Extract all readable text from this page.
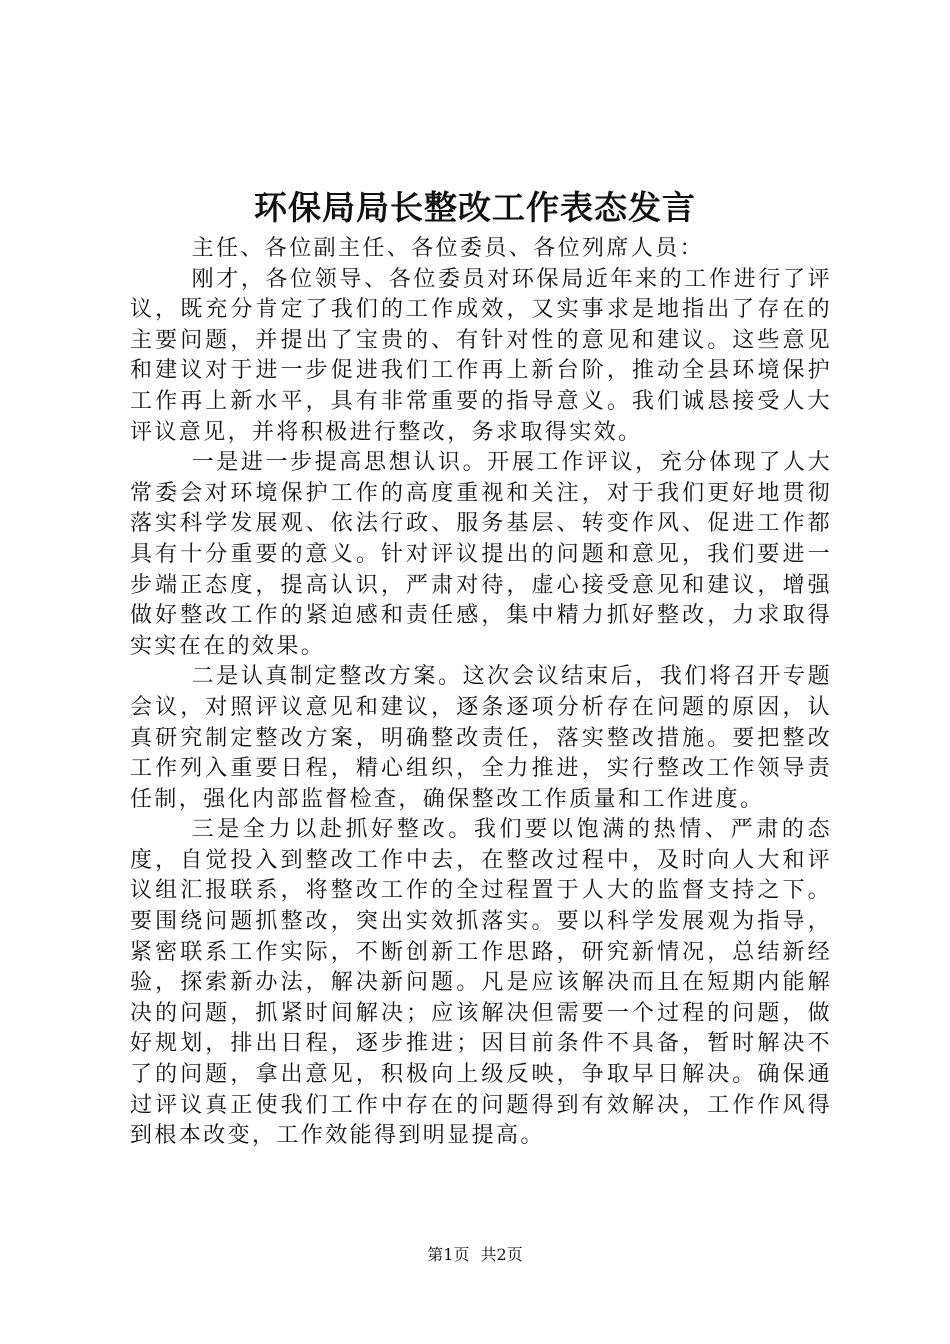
环保局局长整改工作表态发言

主任、各位副主任、各位委员、各位列席人员：

刚才，各位领导、各位委员对环保局近年来的工作进行了评议，既充分肯定了我们的工作成效，又实事求是地指出了存在的主要问题，并提出了宝贵的、有针对性的意见和建议。这些意见和建议对于进一步促进我们工作再上新台阶，推动全县环境保护工作再上新水平，具有非常重要的指导意义。我们诚恳接受人大评议意见，并将积极进行整改，务求取得实效。

一是进一步提高思想认识。开展工作评议，充分体现了人大常委会对环境保护工作的高度重视和关注，对于我们更好地贯彻落实科学发展观、依法行政、服务基层、转变作风、促进工作都具有十分重要的意义。针对评议提出的问题和意见，我们要进一步端正态度，提高认识，严肃对待，虚心接受意见和建议，增强做好整改工作的紧迫感和责任感，集中精力抓好整改，力求取得实实在在的效果。

二是认真制定整改方案。这次会议结束后，我们将召开专题会议，对照评议意见和建议，逐条逐项分析存在问题的原因，认真研究制定整改方案，明确整改责任，落实整改措施。要把整改工作列入重要日程，精心组织，全力推进，实行整改工作领导责任制，强化内部监督检查，确保整改工作质量和工作进度。

三是全力以赴抓好整改。我们要以饱满的热情、严肃的态度，自觉投入到整改工作中去，在整改过程中，及时向人大和评议组汇报联系，将整改工作的全过程置于人大的监督支持之下。要围绕问题抓整改，突出实效抓落实。要以科学发展观为指导，紧密联系工作实际，不断创新工作思路，研究新情况，总结新经验，探索新办法，解决新问题。凡是应该解决而且在短期内能解决的问题，抓紧时间解决；应该解决但需要一个过程的问题，做好规划，排出日程，逐步推进；因目前条件不具备，暂时解决不了的问题，拿出意见，积极向上级反映，争取早日解决。确保通过评议真正使我们工作中存在的问题得到有效解决，工作作风得到根本改变，工作效能得到明显提高。

第1页 共2页
